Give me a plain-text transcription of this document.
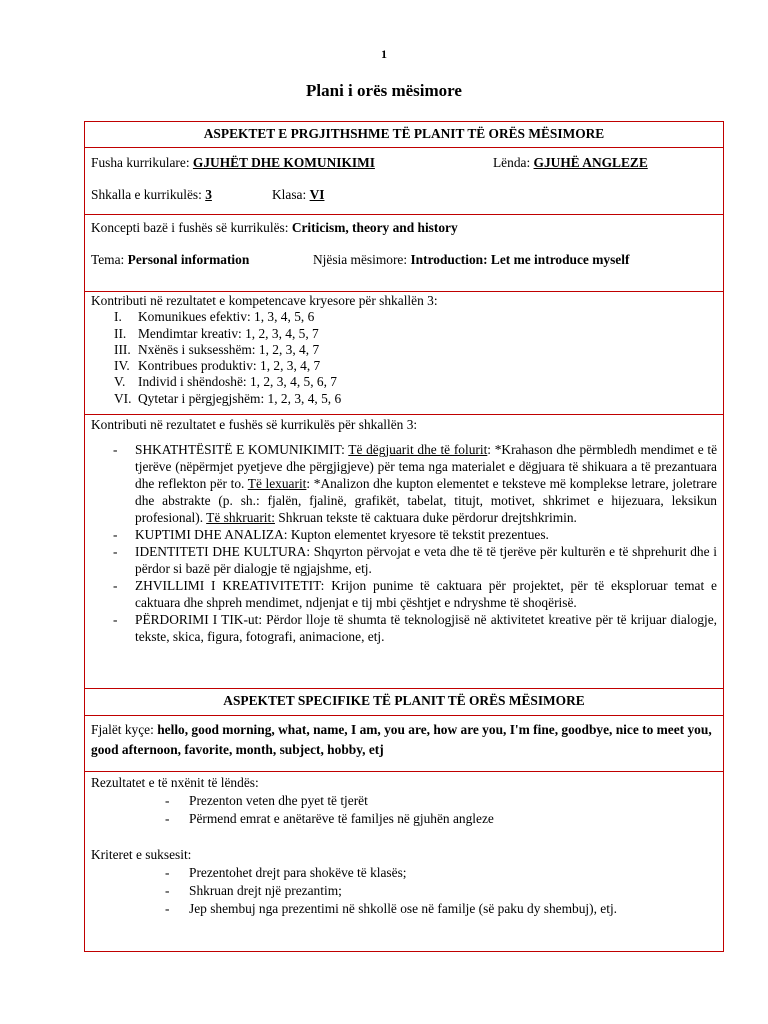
1
Plani i orës mësimore
ASPEKTET E PRGJITHSHME TË PLANIT TË ORËS MËSIMORE
Fusha kurrikulare: GJUHËT DHE KOMUNIKIMI	Lënda: GJUHË ANGLEZE
Shkalla e kurrikulës: 3	Klasa: VI
Koncepti bazë i fushës së kurrikulës: Criticism, theory and history
Tema: Personal information	Njësia mësimore: Introduction: Let me introduce myself
Kontributi në rezultatet e kompetencave kryesore për shkallën 3:
I.	Komunikues efektiv: 1, 3, 4, 5, 6
II. Mendimtar kreativ: 1, 2, 3, 4, 5, 7
III. Nxënës i suksesshëm: 1, 2, 3, 4, 7
IV. Kontribues produktiv: 1, 2, 3, 4, 7
V. Individ i shëndoshë: 1, 2, 3, 4, 5, 6, 7
VI. Qytetar i përgjegjshëm: 1, 2, 3, 4, 5, 6
Kontributi në rezultatet e fushës së kurrikulës për shkallën 3:
- SHKATHTËSITË E KOMUNIKIMIT: Të dëgjuarit dhe të folurit: *Krahason dhe përmbledh mendimet e të tjerëve (nëpërmjet pyetjeve dhe përgjigjeve) për tema nga materialet e dëgjuara të shikuara a të prezantuara dhe reflekton për to. Të lexuarit: *Analizon dhe kupton elementet e teksteve më komplekse letrare, joletrare dhe abstrakte (p. sh.: fjalën, fjalinë, grafikët, tabelat, titujt, motivet, shkrimet e hijezuara, leksikun profesional). Të shkruarit: Shkruan tekste të caktuara duke përdorur drejtshkrimin.
- KUPTIMI DHE ANALIZA: Kupton elementet kryesore të tekstit prezentues.
- IDENTITETI DHE KULTURA: Shqyrton përvojat e veta dhe të të tjerëve për kulturën e të shprehurit dhe i përdor si bazë për dialogje të ngjajshme, etj.
- ZHVILLIMI I KREATIVITETIT: Krijon punime të caktuara për projektet, për të eksploruar temat e caktuara dhe shpreh mendimet, ndjenjat e tij mbi çështjet e ndryshme të shoqërisë.
- PËRDORIMI I TIK-ut: Përdor lloje të shumta të teknologjisë në aktivitetet kreative për të krijuar dialogje, tekste, skica, figura, fotografi, animacione, etj.
ASPEKTET SPECIFIKE TË PLANIT TË ORËS MËSIMORE
Fjalët kyçe: hello, good morning, what, name, I am, you are, how are you, I'm fine, goodbye, nice to meet you, good afternoon, favorite, month, subject, hobby, etj
Rezultatet e të nxënit të lëndës:
- Prezenton veten dhe pyet të tjerët
- Përmend emrat e anëtarëve të familjes në gjuhën angleze
Kriteret e suksesit:
- Prezentohet drejt para shokëve të klasës;
- Shkruan drejt një prezantim;
- Jep shembuj nga prezentimi në shkollë ose në familje (së paku dy shembuj), etj.
